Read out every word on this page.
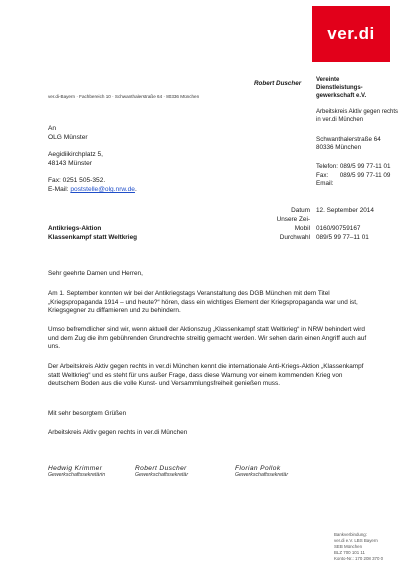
ver.di
Robert Duscher Vereinte
Dienstleistungs-
gewerkschaft e.V.
Arbeitskreis Aktiv gegen rechts
in ver.di München
Schwanthalerstraße 64
80336 München
Telefon: 089/5 99 77-11 01
Fax: 089/5 99 77-11 09
Email:
ver.di-Bayern · Fachbereich 10 · Schwanthalerstraße 64 · 80336 München
An
OLG Münster
Aegidiikirchplatz 5,
48143 Münster
Fax: 0251 505-352.
E-Mail: poststelle@olg.nrw.de.
Datum 12. September 2014
Unsere Zei-
Mobil 0160/90759167
Durchwahl 089/5 99 77–11 01
Antikriegs-Aktion
Klassenkampf statt Weltkrieg
Sehr geehrte Damen und Herren,
Am 1. September konnten wir bei der Antikriegstags Veranstaltung des DGB München mit dem Titel „Kriegspropaganda 1914 – und heute?“ hören, dass ein wichtiges Element der Kriegspropaganda war und ist, Kriegsgegner zu diffamieren und zu behindern.
Umso befremdlicher sind wir, wenn aktuell der Aktionszug „Klassenkampf statt Weltkrieg“ in NRW behindert wird und dem Zug die ihm gebührenden Grundrechte streitig gemacht werden. Wir sehen darin einen Angriff auch auf uns.
Der Arbeitskreis Aktiv gegen rechts in ver.di München kennt die internationale Anti-Kriegs-Aktion „Klassenkampf statt Weltkrieg“ und es steht für uns außer Frage, dass diese Warnung vor einem kommenden Krieg von deutschem Boden aus die volle Kunst- und Versammlungsfreiheit genießen muss.
Mit sehr besorgtem Grüßen
Arbeitskreis Aktiv gegen rechts in ver.di München
Hedwig Krimmer
Gewerkschaftssekretärin
Robert Duscher
Gewerkschaftssekretär
Florian Pollok
Gewerkschaftssekretär
Bankverbindung:
ver.di e.V. LBS Bayern
SEB München
BLZ 700 101 11
Konto-Nr.: 170 208 370 0
